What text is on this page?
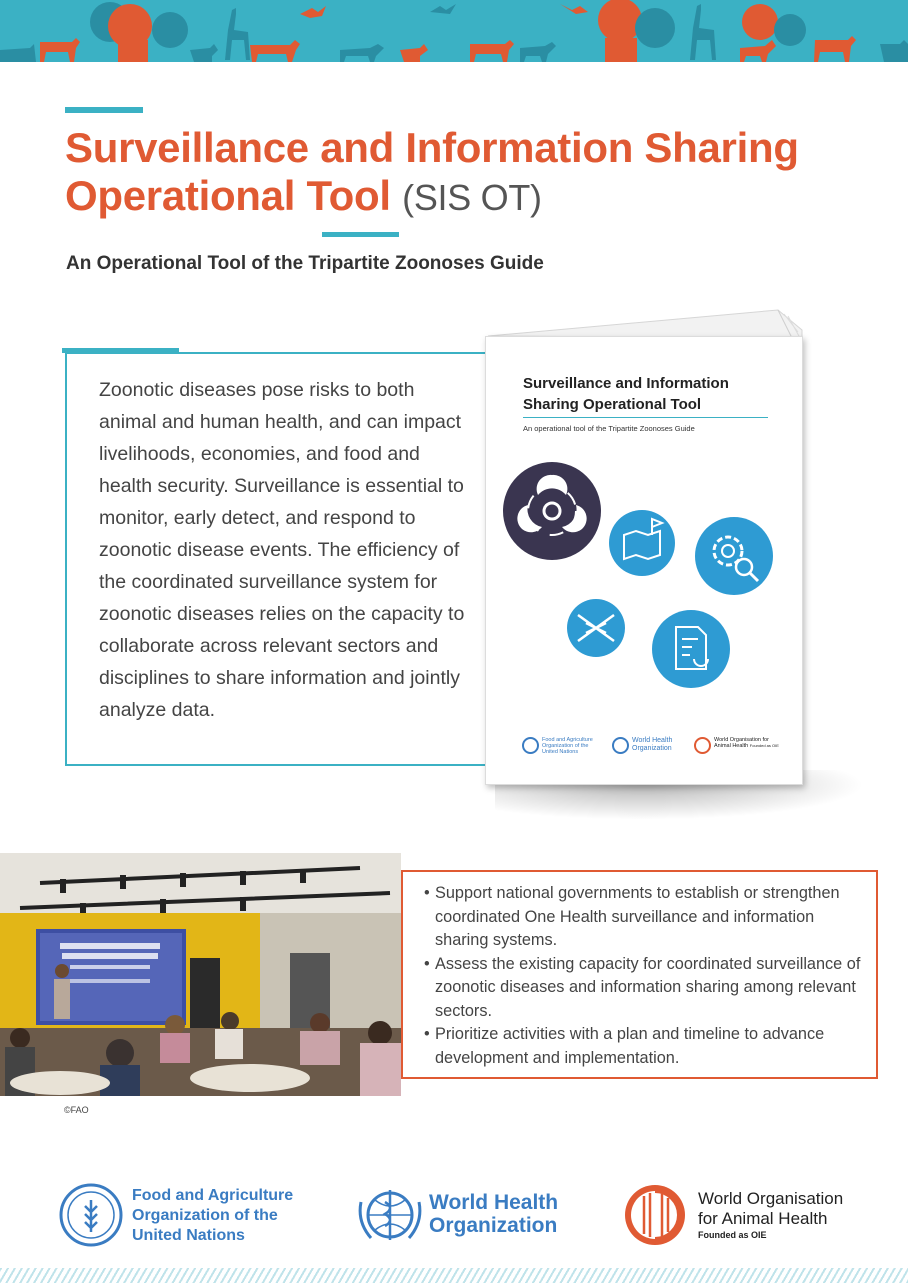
Surveillance and Information Sharing
Operational Tool (SIS OT)
An Operational Tool of the Tripartite Zoonoses Guide

Zoonotic diseases pose risks to both animal and human health, and can impact livelihoods, economies, and food and health security. Surveillance is essential to monitor, early detect, and respond to zoonotic disease events. The efficiency of the coordinated surveillance system for zoonotic diseases relies on the capacity to collaborate across relevant sectors and disciplines to share information and jointly analyze data.

Surveillance and Information Sharing Operational Tool
An operational tool of the Tripartite Zoonoses Guide
Food and Agriculture Organization of the United Nations
World Health Organization
World Organisation for Animal Health Founded as OIE
©FAO
• Support national governments to establish or strengthen coordinated One Health surveillance and information sharing systems.
• Assess the existing capacity for coordinated surveillance of zoonotic diseases and information sharing among relevant sectors.
• Prioritize activities with a plan and timeline to advance development and implementation.
Food and Agriculture
Organization of the
United Nations
World Health
Organization
World Organisation
for Animal Health
Founded as OIE
